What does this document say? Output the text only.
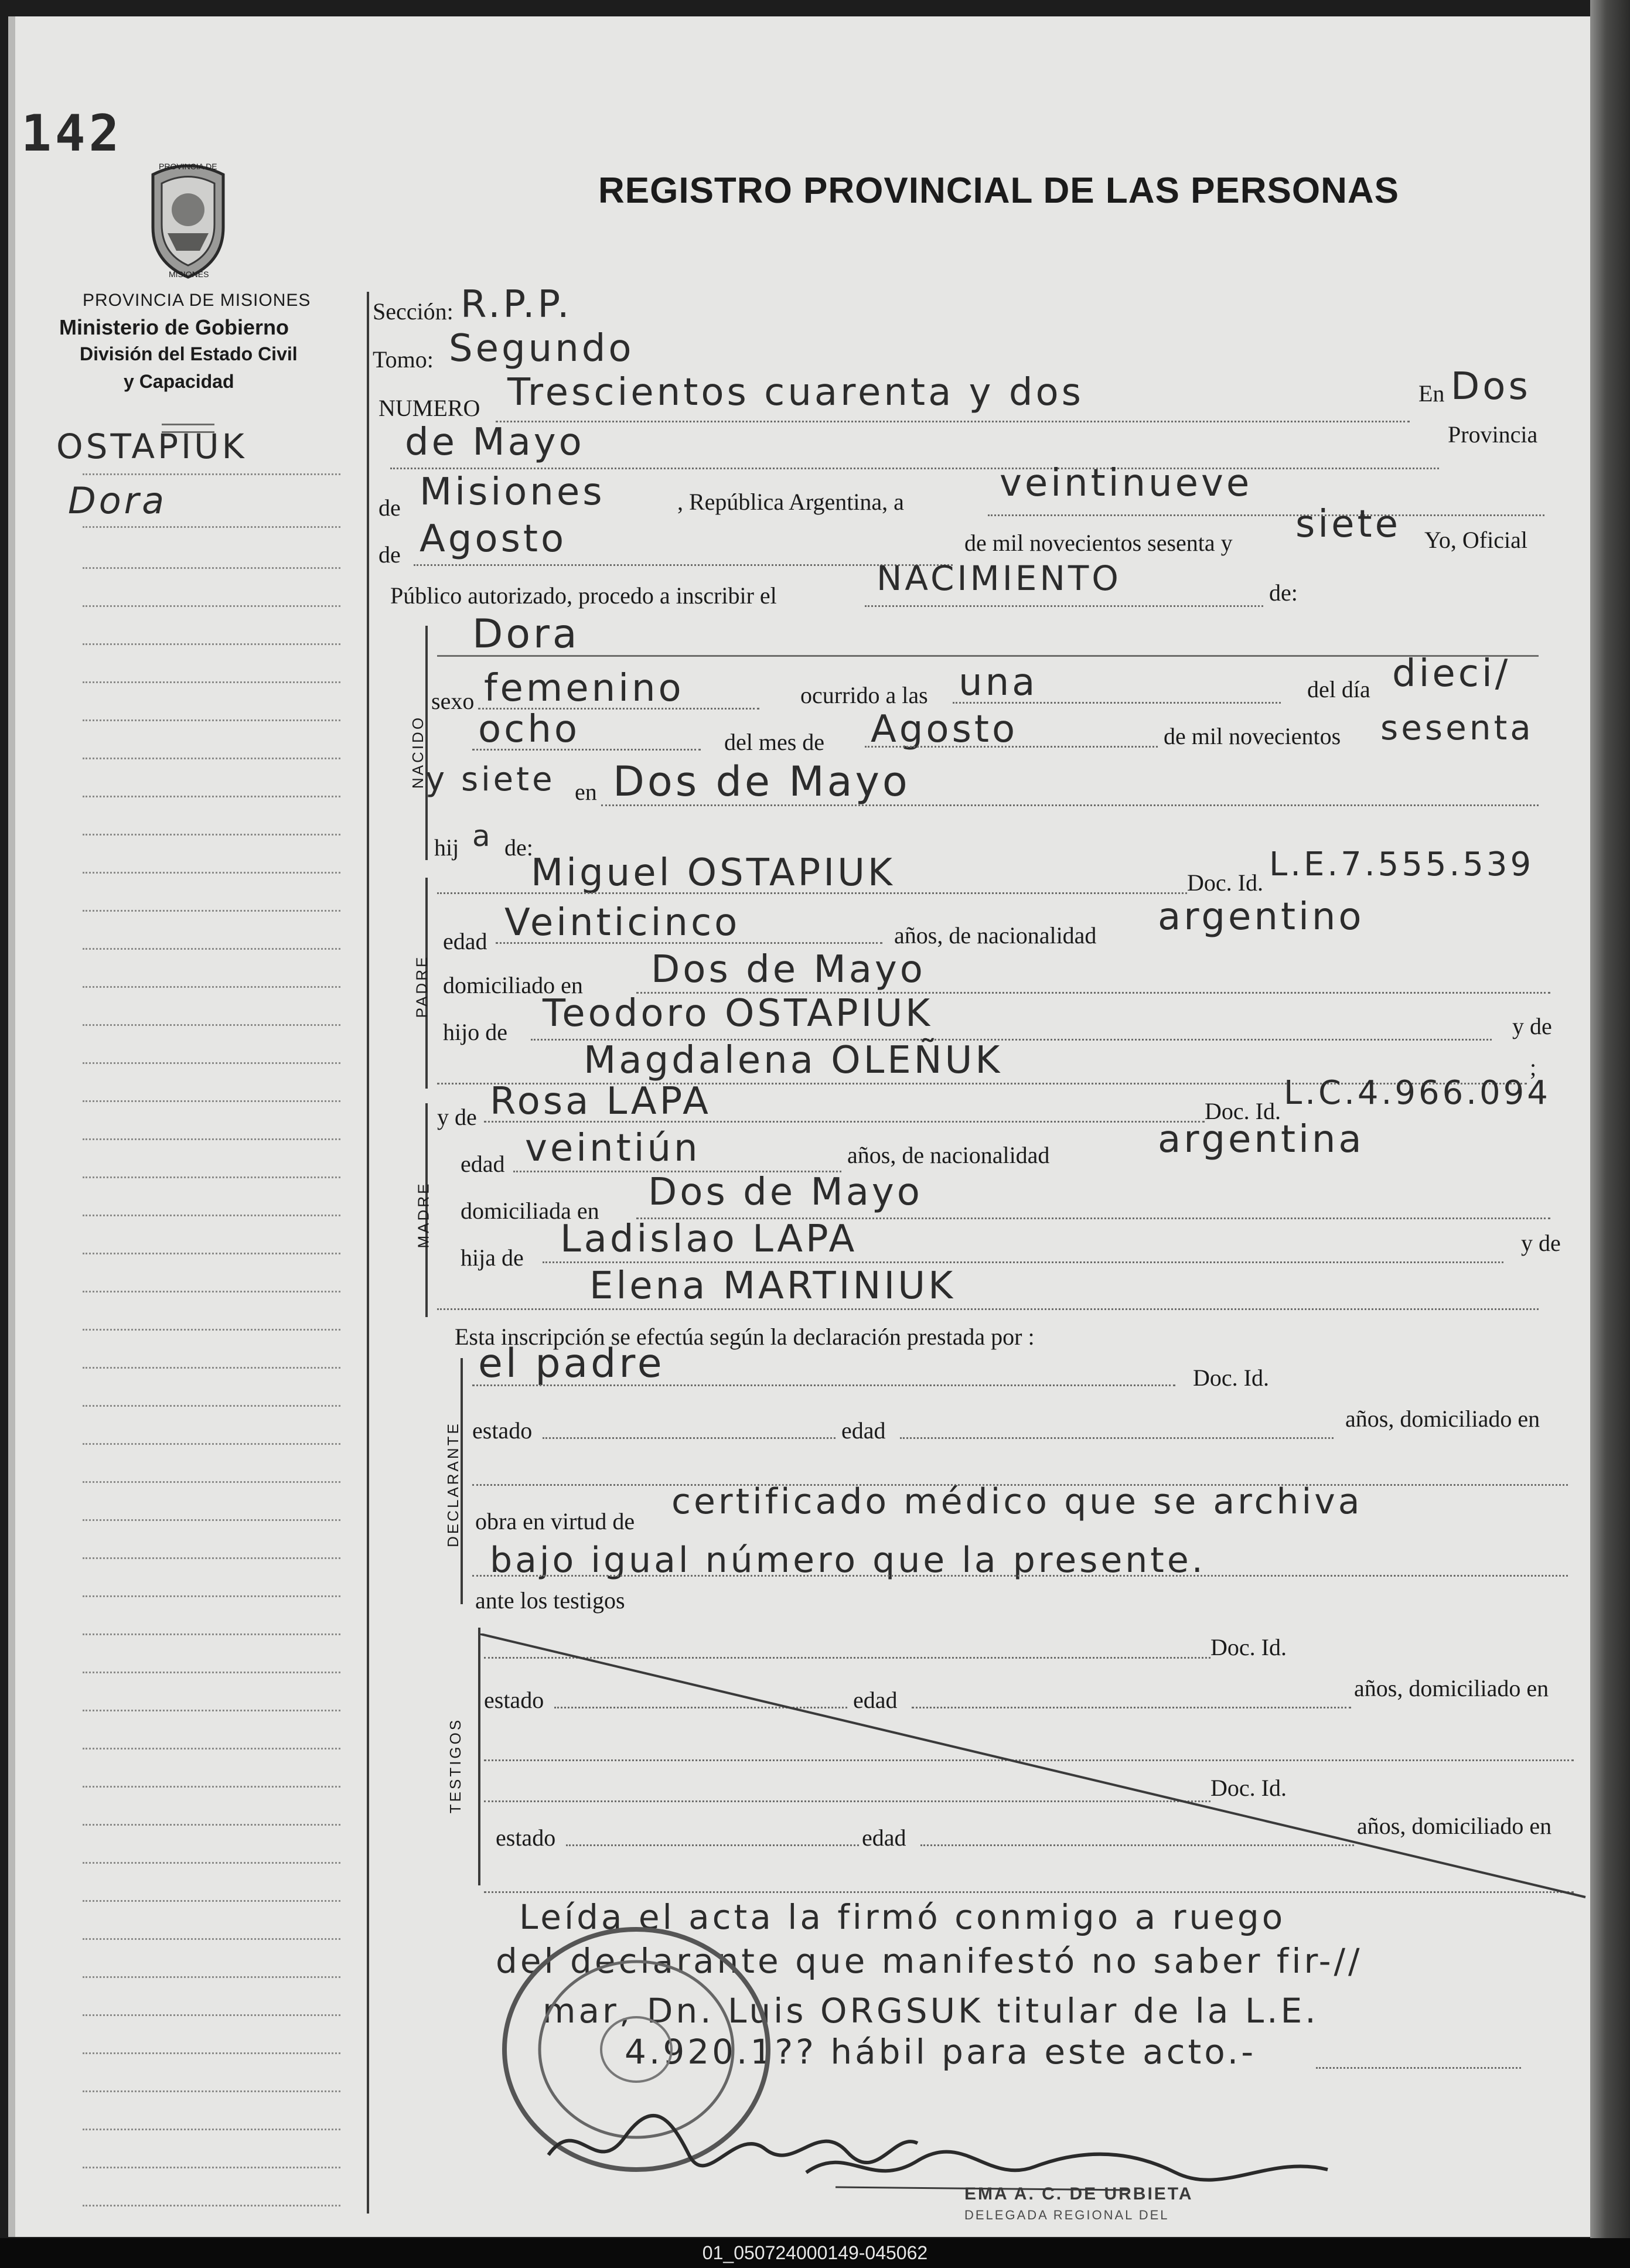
142
PROVINCIA DE
MISIONES
PROVINCIA DE MISIONES
Ministerio de Gobierno
División del Estado Civil
y Capacidad
REGISTRO PROVINCIAL DE LAS PERSONAS
OSTAPIUK
Dora
Sección: R.P.P.
Tomo: Segundo
NUMERO Trescientos cuarenta y dos	En Dos
de Mayo	Provincia
de Misiones	, República Argentina, a	veintinueve
de Agosto	de mil novecientos sesenta y siete Yo, Oficial
Público autorizado, procedo a inscribir el	NACIMIENTO	de:
NACIDO
Dora
sexo femenino	ocurrido a las una	del día dieci/
ocho	del mes de Agosto	de mil novecientos sesenta
y siete en Dos de Mayo
hij a de:
PADRE
Miguel OSTAPIUK	Doc. Id. L.E.7.555.539
edad Veinticinco	años, de nacionalidad argentino
domiciliado en Dos de Mayo
hijo de Teodoro OSTAPIUK	y de
Magdalena OLEÑUK	;
MADRE
y de Rosa LAPA	Doc. Id. L.C.4.966.094
edad veintiún	años, de nacionalidad	argentina
domiciliada en Dos de Mayo
hija de Ladislao LAPA	y de
Elena MARTINIUK
Esta inscripción se efectúa según la declaración prestada por :
DECLARANTE
el padre	Doc. Id.
estado	edad	años, domiciliado en
obra en virtud de certificado médico que se archiva
bajo igual número que la presente.
ante los testigos
TESTIGOS
Doc. Id.
estado	edad	años, domiciliado en
Doc. Id.
estado	edad	años, domiciliado en
Leída el acta la firmó conmigo a ruego
del declarante que manifestó no saber fir-//
mar, Dn. Luis ORGSUK titular de la L.E.
4.920.1?? hábil para este acto.-
EMA A. C. DE URBIETA
DELEGADA REGIONAL DEL
01_050724000149-045062
